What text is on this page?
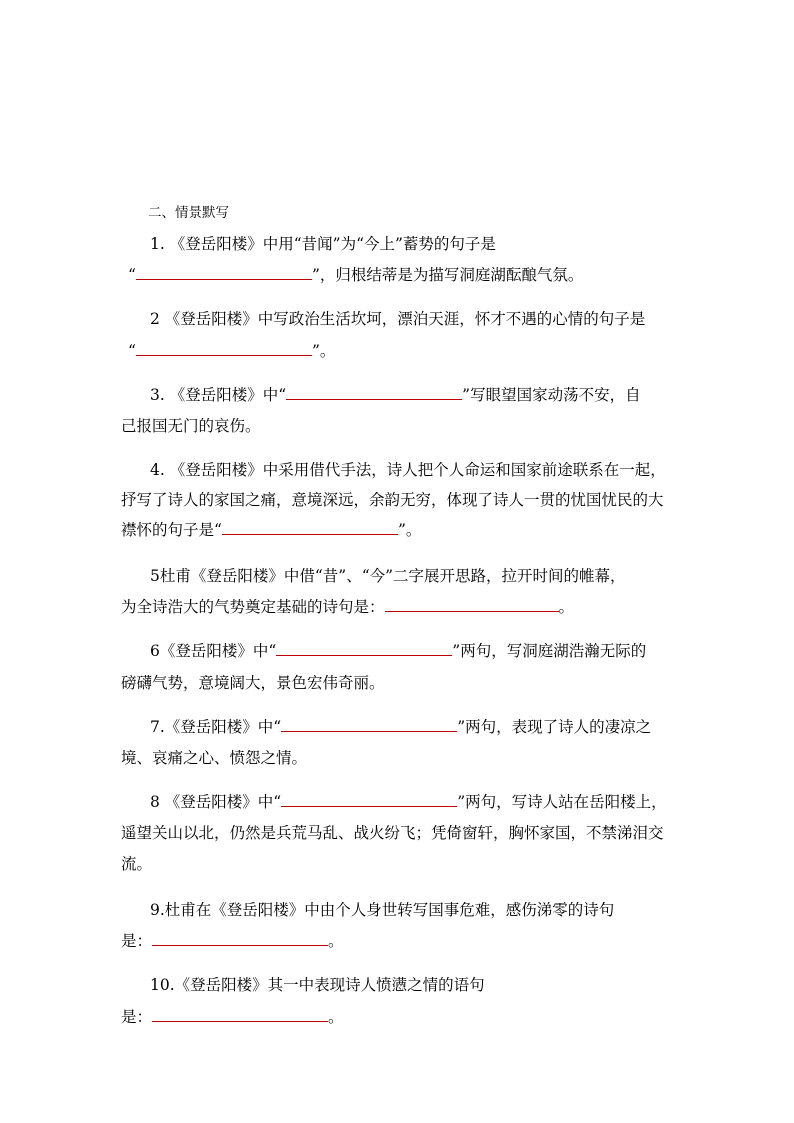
二、情景默写
1. 《登岳阳楼》中用“昔闻”为“今上”蓄势的句子是
“	”，归根结蒂是为描写洞庭湖酝酿气氛。
2 《登岳阳楼》中写政治生活坎坷，漂泊天涯，怀才不遇的心情的句子是
“	”。
3. 《登岳阳楼》中“	”写眼望国家动荡不安，自
己报国无门的哀伤。
4. 《登岳阳楼》中采用借代手法，诗人把个人命运和国家前途联系在一起，
抒写了诗人的家国之痛，意境深远，余韵无穷，体现了诗人一贯的忧国忧民的大
襟怀的句子是“	”。
5杜甫《登岳阳楼》中借“昔”、“今”二字展开思路，拉开时间的帷幕，
为全诗浩大的气势奠定基础的诗句是：	。
6《登岳阳楼》中“	”两句，写洞庭湖浩瀚无际的
磅礴气势，意境阔大，景色宏伟奇丽。
7.《登岳阳楼》中“	”两句，表现了诗人的凄凉之
境、哀痛之心、愤怨之情。
8 《登岳阳楼》中“	”两句，写诗人站在岳阳楼上，
遥望关山以北，仍然是兵荒马乱、战火纷飞；凭倚窗轩，胸怀家国，不禁涕泪交
流。
9.杜甫在《登岳阳楼》中由个人身世转写国事危难，感伤涕零的诗句
是：	。
10.《登岳阳楼》其一中表现诗人愤懑之情的语句
是：	。
